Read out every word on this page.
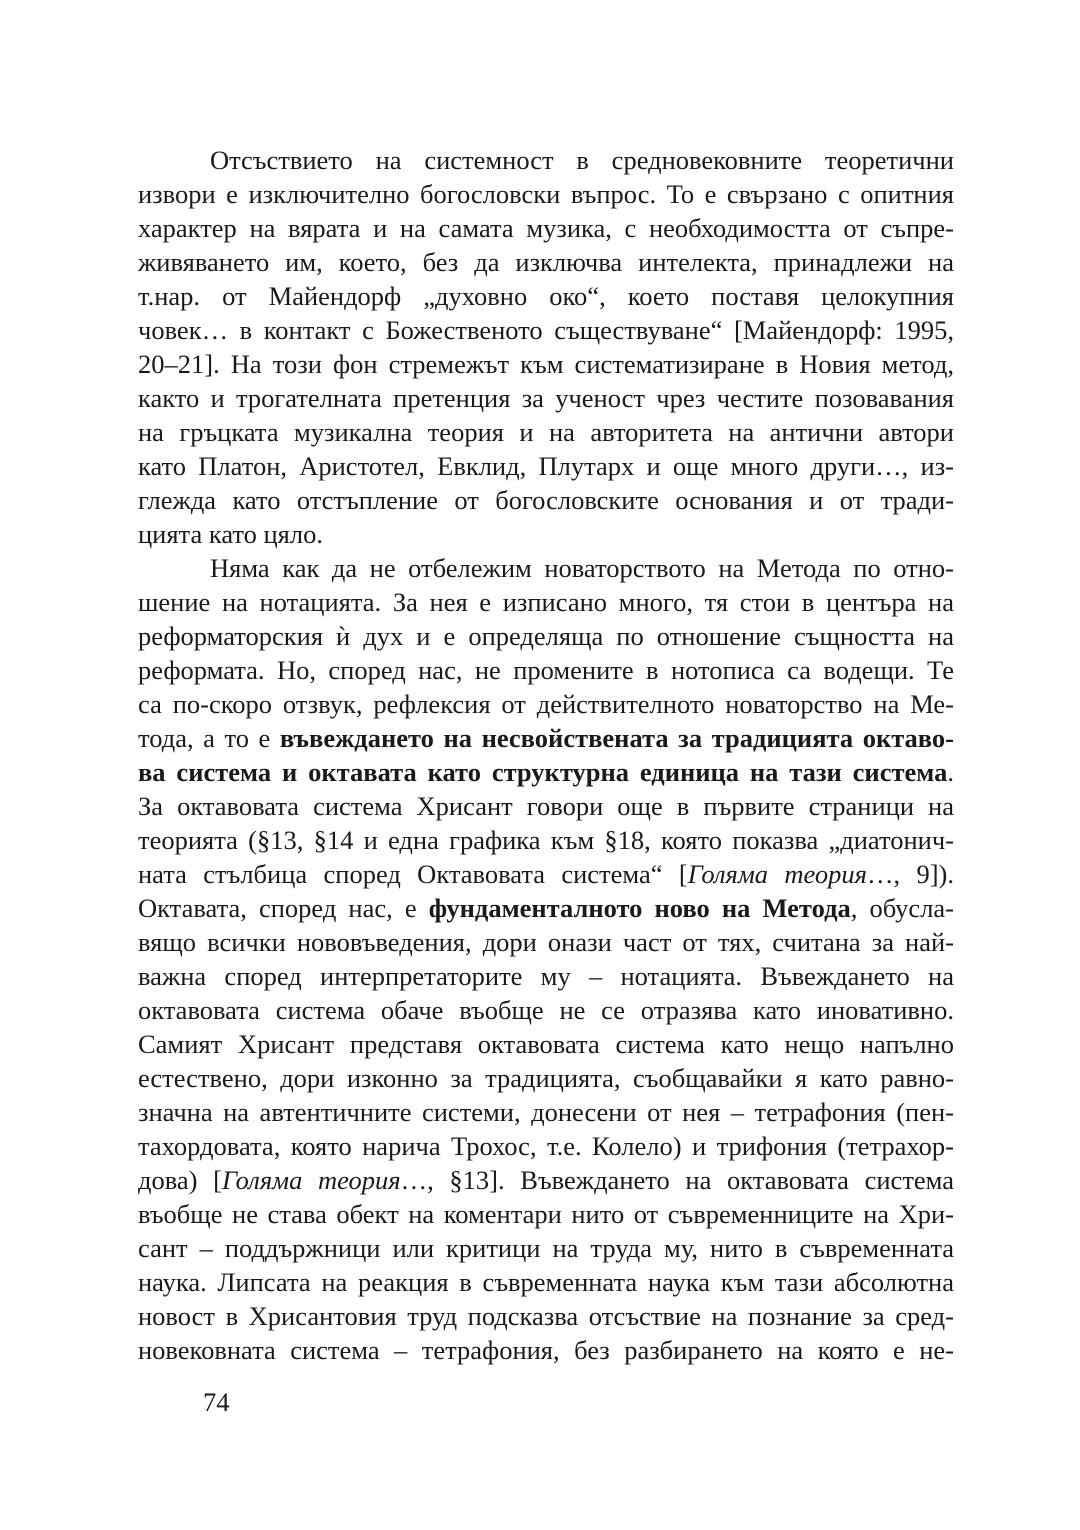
Отсъствието на системност в средновековните теоретични
извори е изключително богословски въпрос. То е свързано с опитния
характер на вярата и на самата музика, с необходимостта от съпре-
живяването им, което, без да изключва интелекта, принадлежи на
т.нар. от Майендорф „духовно око“, което поставя целокупния
човек… в контакт с Божественото съществуване“ [Майендорф: 1995,
20–21]. На този фон стремежът към систематизиране в Новия метод,
както и трогателната претенция за ученост чрез честите позовавания
на гръцката музикална теория и на авторитета на антични автори
като Платон, Аристотел, Евклид, Плутарх и още много други…, из-
глежда като отстъпление от богословските основания и от тради-
цията като цяло.
Няма как да не отбележим новаторството на Метода по отно-
шение на нотацията. За нея е изписано много, тя стои в центъра на
реформаторския ѝ дух и е определяща по отношение същността на
реформата. Но, според нас, не промените в нотописа са водещи. Те
са по-скоро отзвук, рефлексия от действителното новаторство на Ме-
тода, а то е въвеждането на несвойствената за традицията октаво-
ва система и октавата като структурна единица на тази система.
За октавовата система Хрисант говори още в първите страници на
теорията (§13, §14 и една графика към §18, която показва „диатонич-
ната стълбица според Октавовата система“ [Голяма теория…, 9]).
Октавата, според нас, е фундаменталното ново на Метода, обусла-
вящо всички нововъведения, дори онази част от тях, считана за най-
важна според интерпретаторите му – нотацията. Въвеждането на
октавовата система обаче въобще не се отразява като иновативно.
Самият Хрисант представя октавовата система като нещо напълно
естествено, дори изконно за традицията, съобщавайки я като равно-
значна на автентичните системи, донесени от нея – тетрафония (пен-
тахордовата, която нарича Трохос, т.е. Колело) и трифония (тетрахор-
дова) [Голяма теория…, §13]. Въвеждането на октавовата система
въобще не става обект на коментари нито от съвременниците на Хри-
сант – поддържници или критици на труда му, нито в съвременната
наука. Липсата на реакция в съвременната наука към тази абсолютна
новост в Хрисантовия труд подсказва отсъствие на познание за сред-
новековната система – тетрафония, без разбирането на която е не-
74
